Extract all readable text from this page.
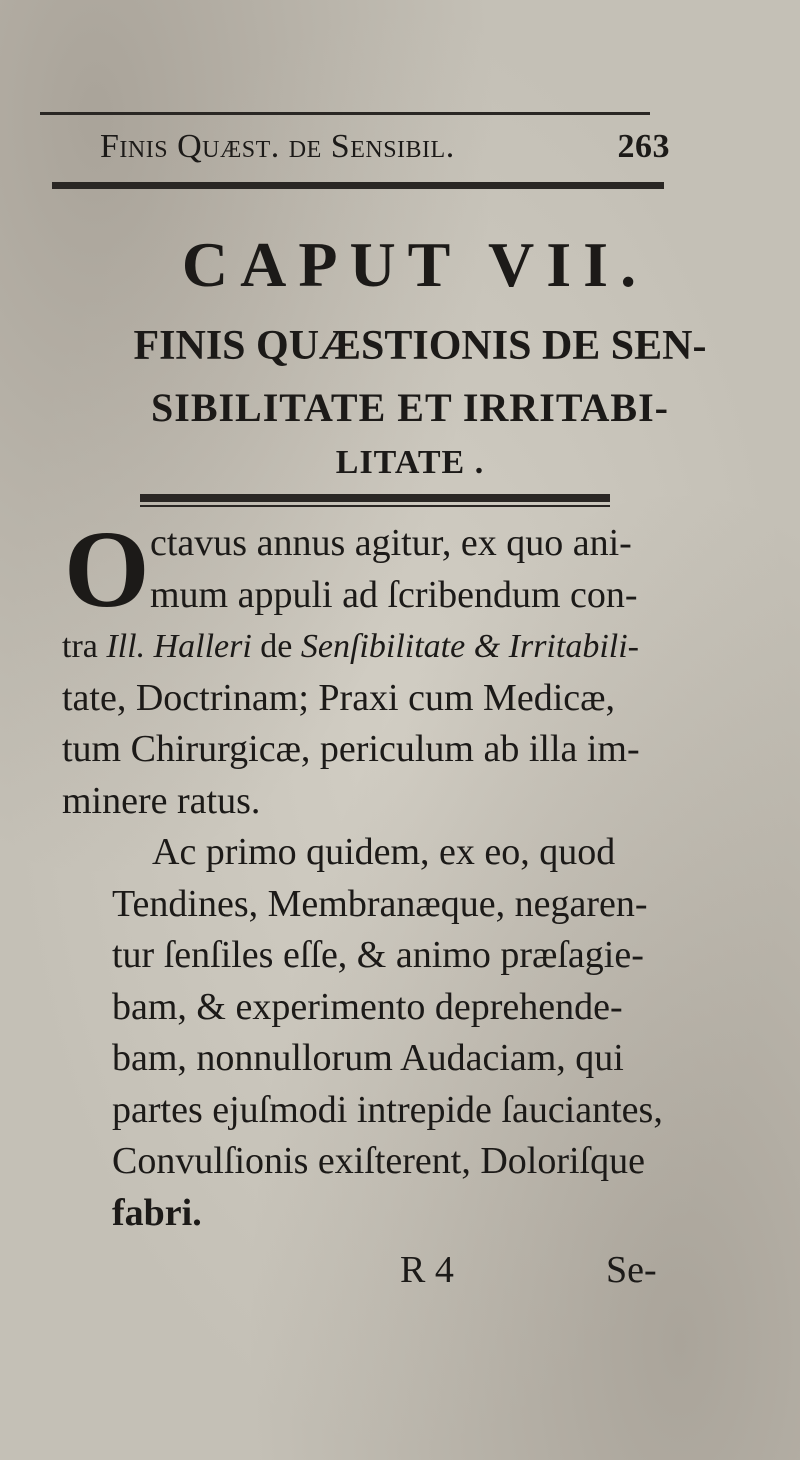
Finis Quæst. de Sensibil.	263
CAPUT VII.
FINIS QUÆSTIONIS DE SEN-
SIBILITATE ET IRRITABI-
LITATE .
O ctavus annus agitur, ex quo ani-
mum appuli ad ſcribendum con-
tra Ill. Halleri de Senſibilitate & Irritabili-
tate, Doctrinam; Praxi cum Medicæ,
tum Chirurgicæ, periculum ab illa im-
minere ratus.
Ac primo quidem, ex eo, quod
Tendines, Membranæque, negaren-
tur ſenſiles eſſe, & animo præſagie-
bam, & experimento deprehende-
bam, nonnullorum Audaciam, qui
partes ejuſmodi intrepide ſauciantes,
Convulſionis exiſterent, Doloriſque
fabri.
R 4	Se-
